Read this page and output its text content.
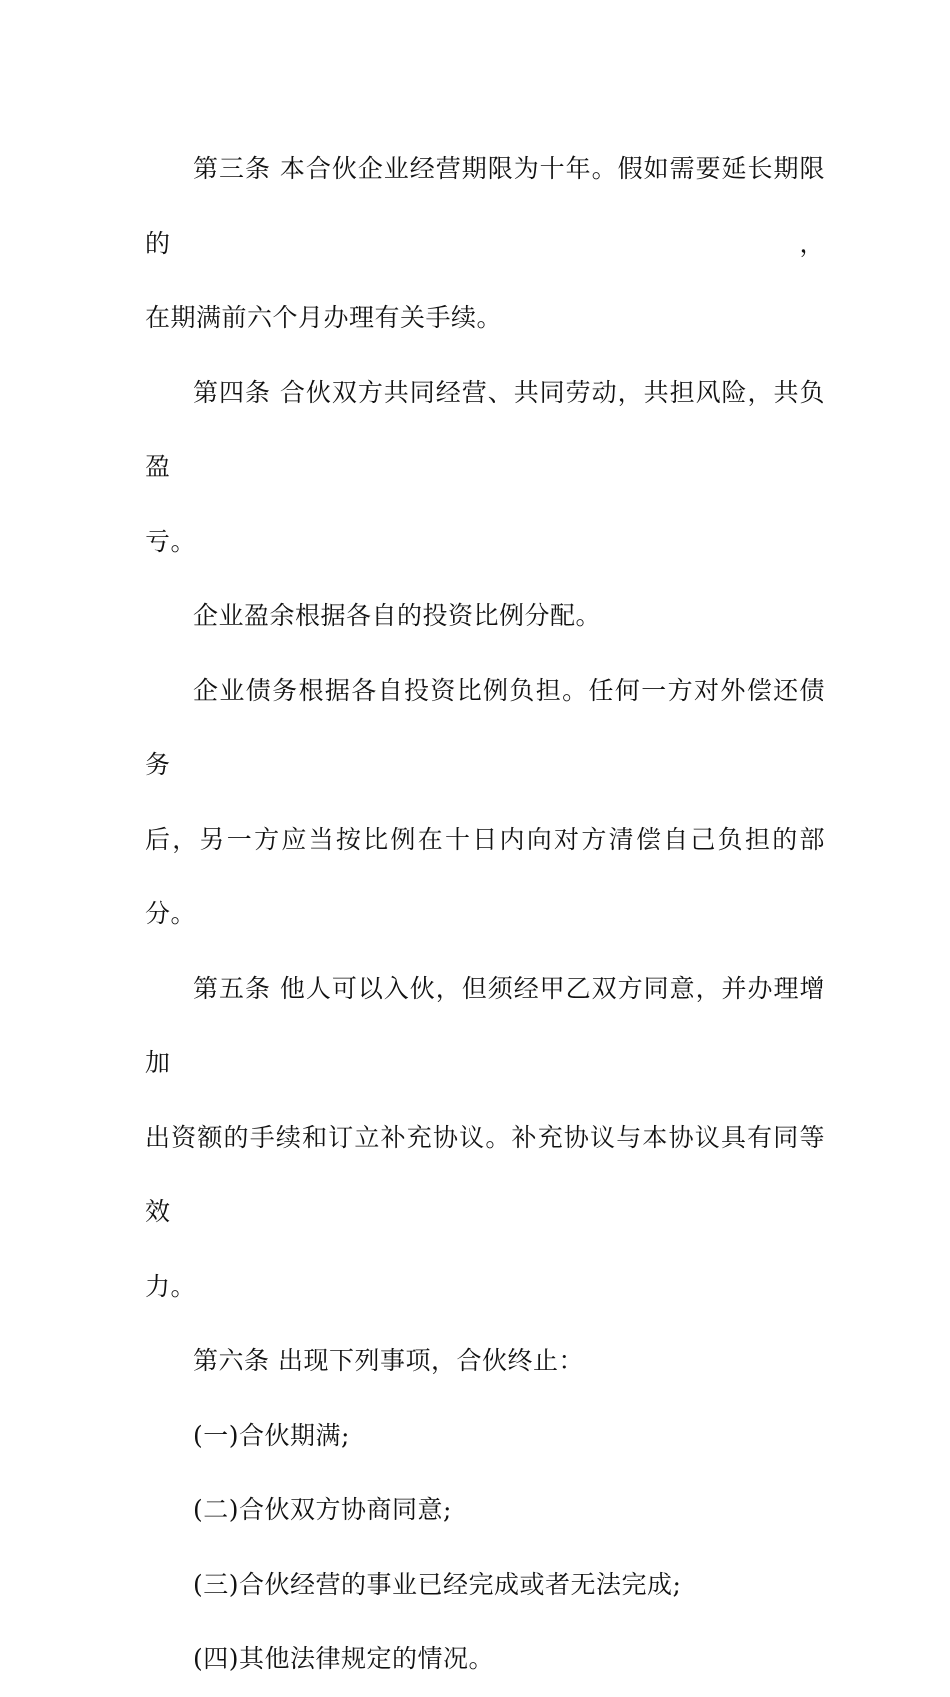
第三条 本合伙企业经营期限为十年。假如需要延长期限的，

在期满前六个月办理有关手续。

第四条 合伙双方共同经营、共同劳动，共担风险，共负盈

亏。

企业盈余根据各自的投资比例分配。

企业债务根据各自投资比例负担。任何一方对外偿还债务

后，另一方应当按比例在十日内向对方清偿自己负担的部分。

第五条 他人可以入伙，但须经甲乙双方同意，并办理增加

出资额的手续和订立补充协议。补充协议与本协议具有同等效

力。

第六条 出现下列事项，合伙终止：

(一)合伙期满;

(二)合伙双方协商同意;

(三)合伙经营的事业已经完成或者无法完成;

(四)其他法律规定的情况。
